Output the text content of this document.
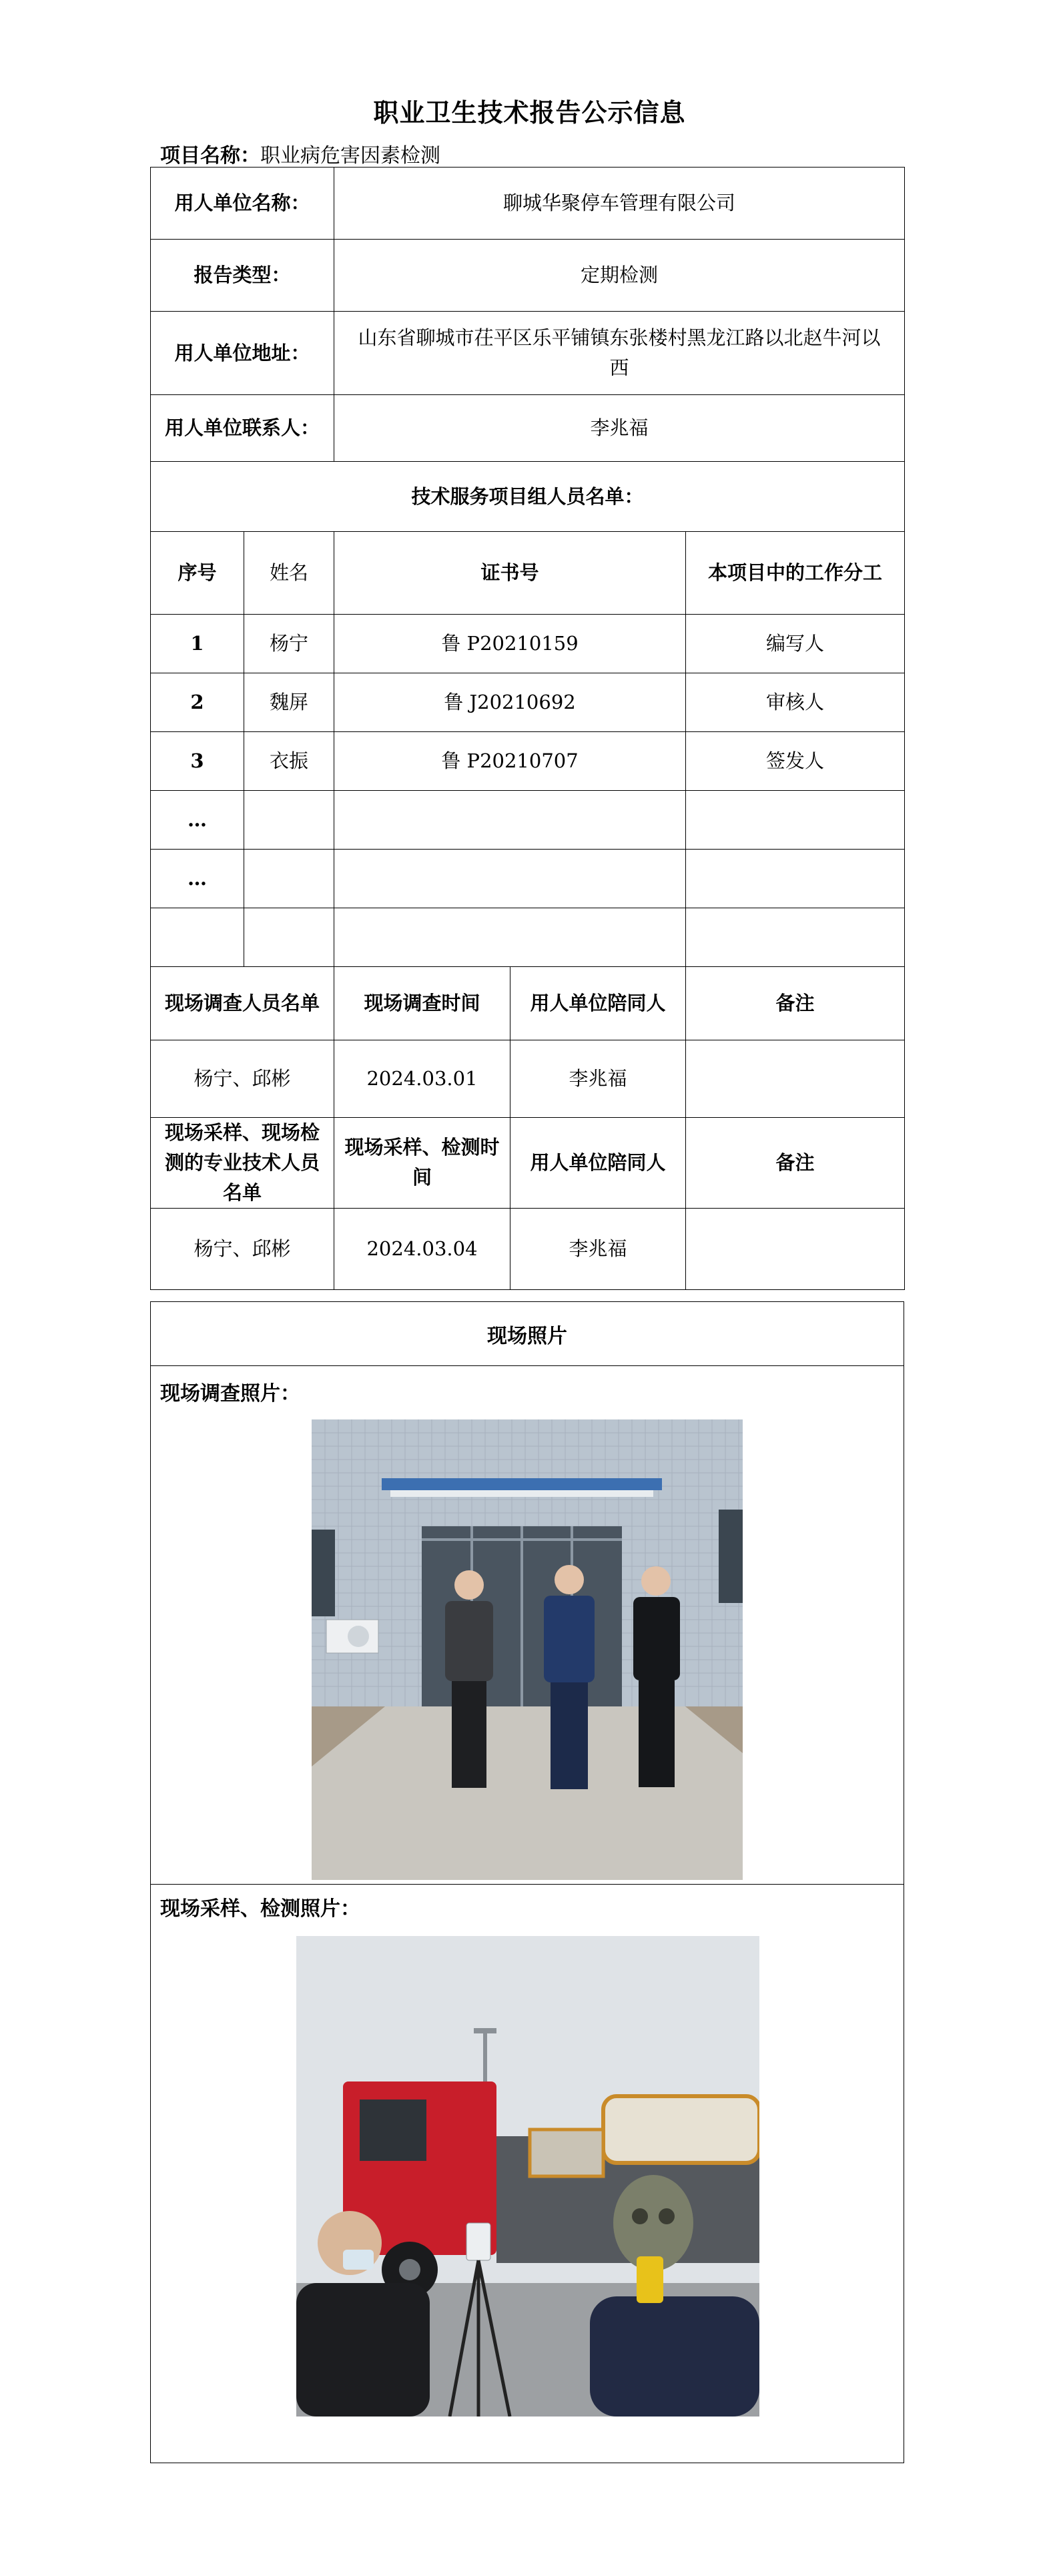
职业卫生技术报告公示信息
项目名称：职业病危害因素检测
用人单位名称：		聊城华聚停车管理有限公司		
报告类型：		定期检测		
用人单位地址：		山东省聊城市茌平区乐平铺镇东张楼村黑龙江路以北赵牛河以西		
用人单位联系人：		李兆福		
技术服务项目组人员名单：				
序号	姓名	证书号		本项目中的工作分工
1	杨宁	鲁 P20210159		编写人
2	魏屏	鲁 J20210692		审核人
3	衣振	鲁 P20210707		签发人
…				
…				

现场调查人员名单		现场调查时间	用人单位陪同人	备注
杨宁、邱彬		2024.03.01	李兆福	
现场采样、现场检测的专业技术人员名单		现场采样、检测时间	用人单位陪同人	备注
杨宁、邱彬		2024.03.04	李兆福	
现场照片
现场调查照片：
现场采样、检测照片：
